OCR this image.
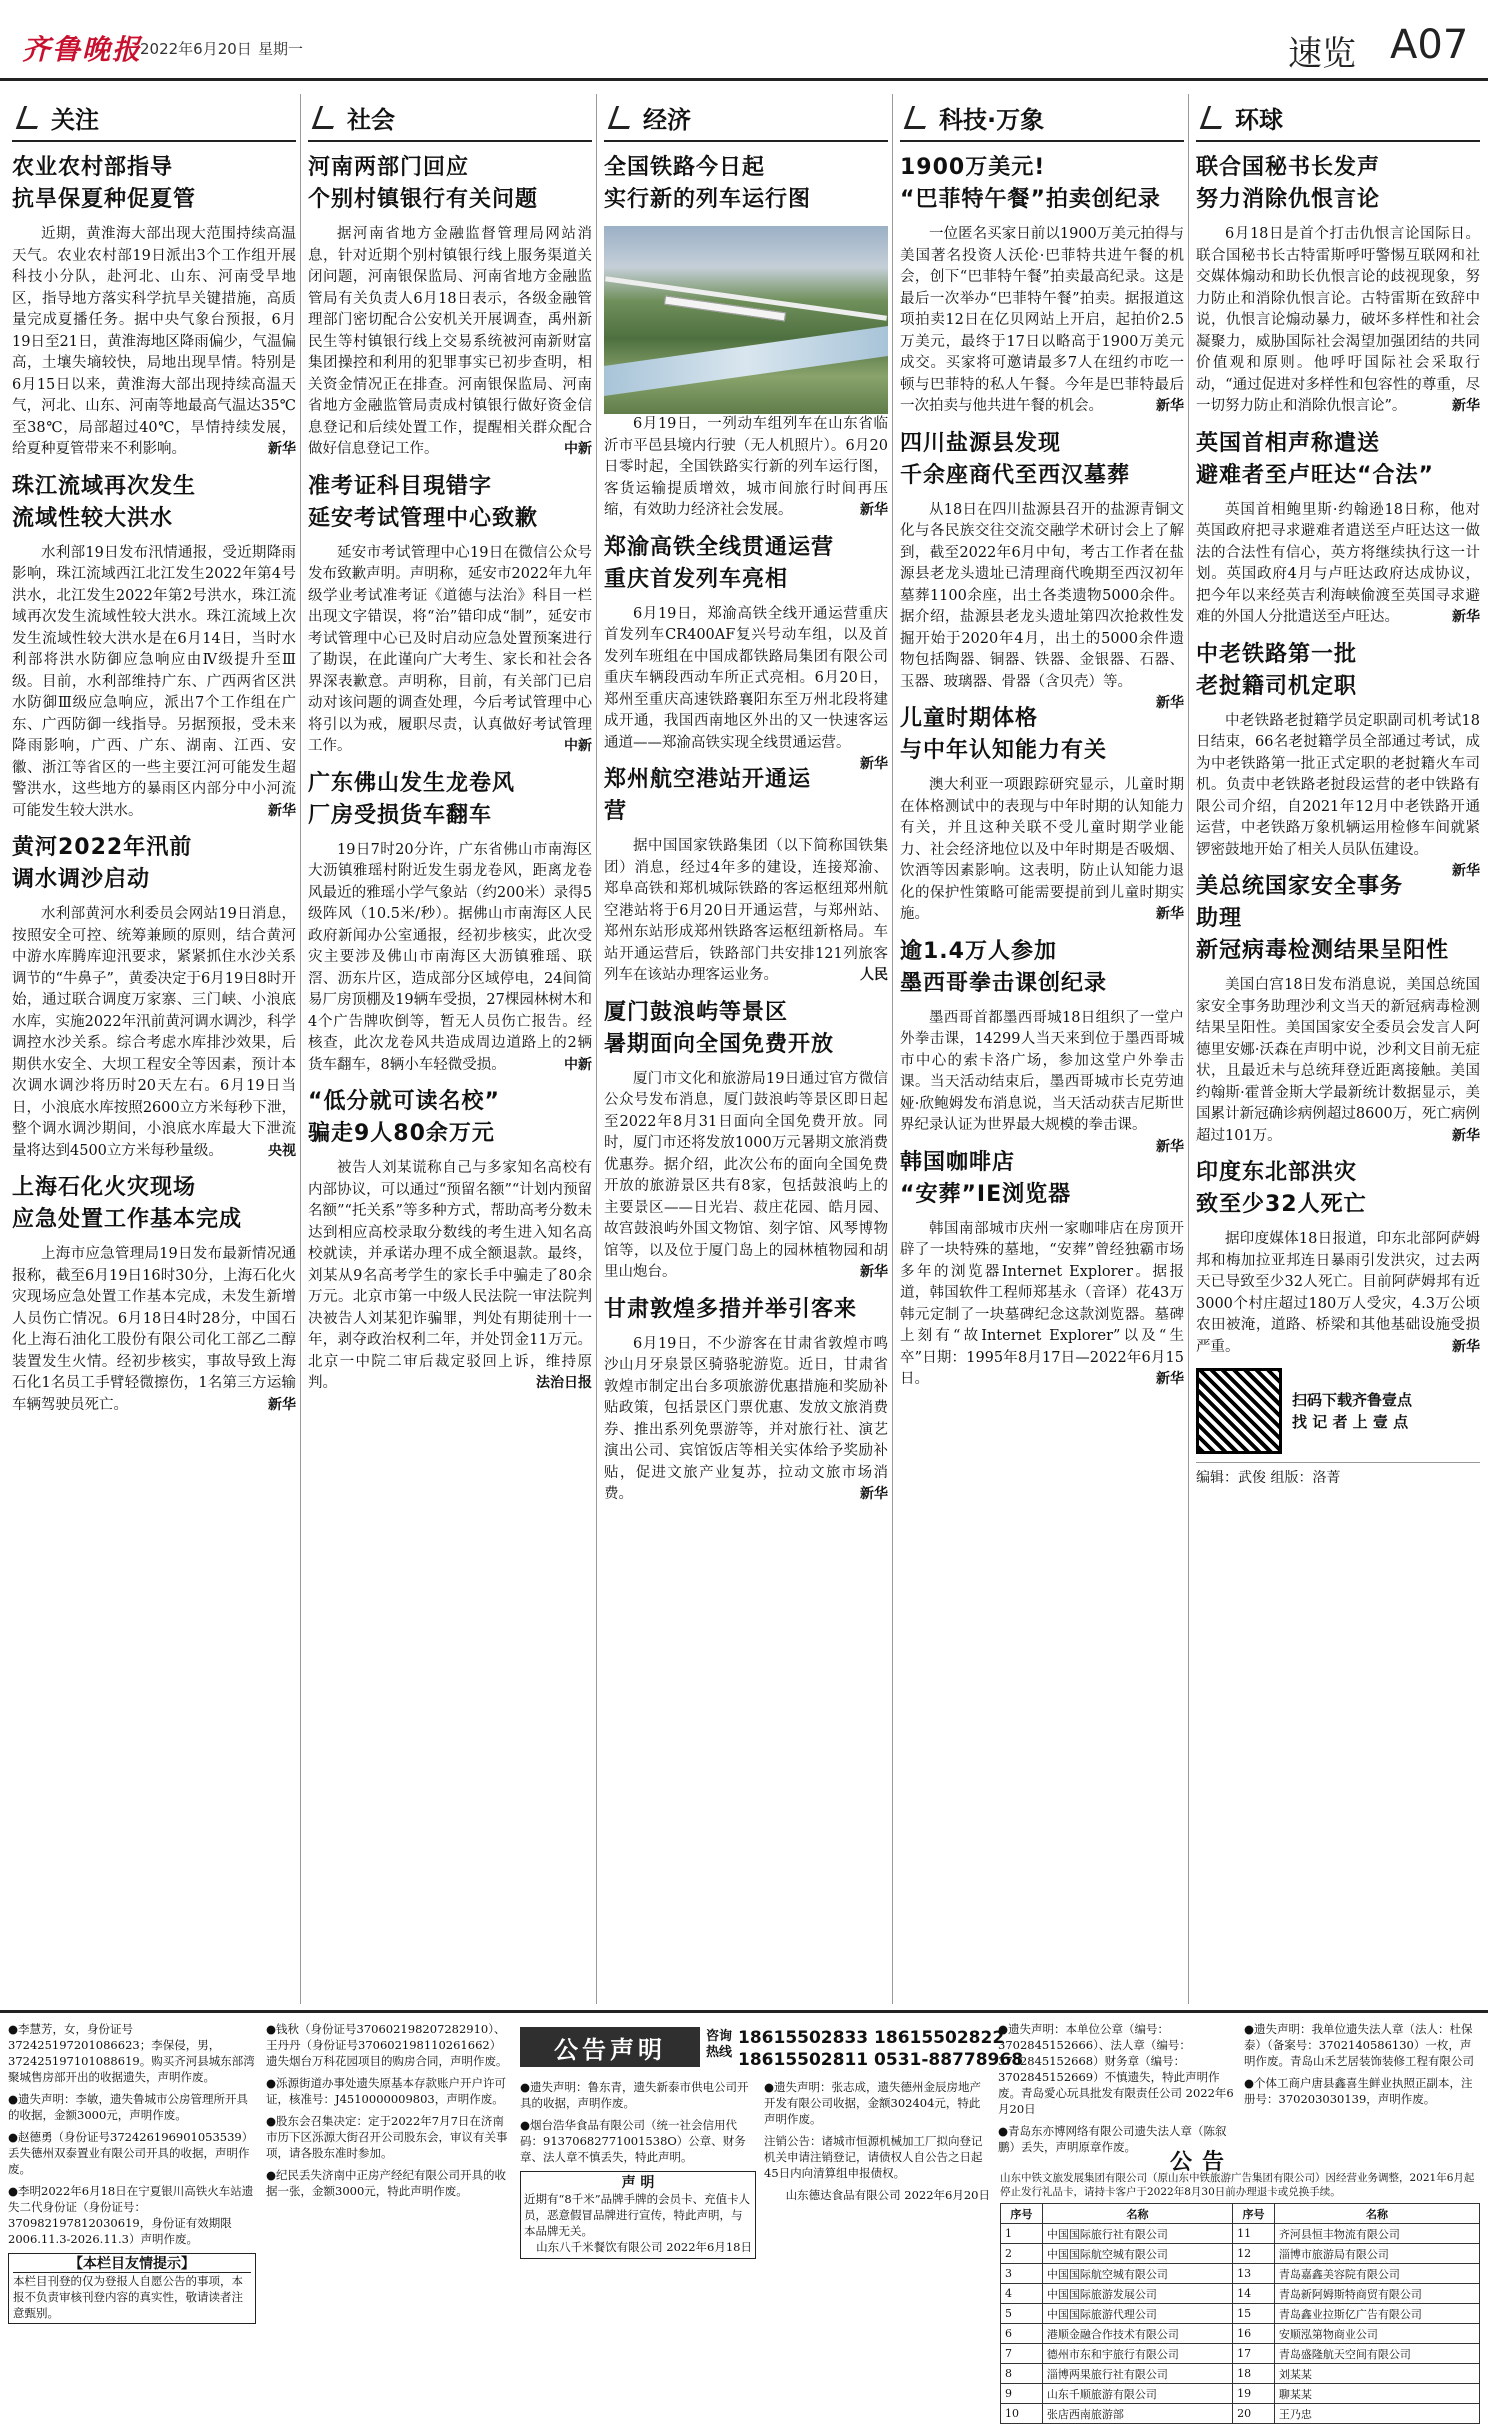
齐鲁晚报
2022年6月20日 星期一	速览 A07
关注
农业农村部指导
抗旱保夏种促夏管

近期，黄淮海大部出现大范围持续高温天气。农业农村部19日派出3个工作组开展科技小分队，赴河北、山东、河南受旱地区，指导地方落实科学抗旱关键措施，高质量完成夏播任务。据中央气象台预报，6月19日至21日，黄淮海地区降雨偏少，气温偏高，土壤失墒较快，局地出现旱情。特别是6月15日以来，黄淮海大部出现持续高温天气，河北、山东、河南等地最高气温达35℃至38℃，局部超过40℃，旱情持续发展，给夏种夏管带来不利影响。	新华

珠江流域再次发生
流域性较大洪水

水利部19日发布汛情通报，受近期降雨影响，珠江流域西江北江发生2022年第4号洪水，北江发生2022年第2号洪水，珠江流域再次发生流域性较大洪水。珠江流域上次发生流域性较大洪水是在6月14日，当时水利部将洪水防御应急响应由Ⅳ级提升至Ⅲ级。目前，水利部维持广东、广西两省区洪水防御Ⅲ级应急响应，派出7个工作组在广东、广西防御一线指导。另据预报，受未来降雨影响，广西、广东、湖南、江西、安徽、浙江等省区的一些主要江河可能发生超警洪水，这些地方的暴雨区内部分中小河流可能发生较大洪水。	新华

黄河2022年汛前
调水调沙启动

水利部黄河水利委员会网站19日消息，按照安全可控、统筹兼顾的原则，结合黄河中游水库腾库迎汛要求，紧紧抓住水沙关系调节的“牛鼻子”，黄委决定于6月19日8时开始，通过联合调度万家寨、三门峡、小浪底水库，实施2022年汛前黄河调水调沙，科学调控水沙关系。综合考虑水库排沙效果，后期供水安全、大坝工程安全等因素，预计本次调水调沙将历时20天左右。6月19日当日，小浪底水库按照2600立方米每秒下泄，整个调水调沙期间，小浪底水库最大下泄流量将达到4500立方米每秒量级。	央视

上海石化火灾现场
应急处置工作基本完成

上海市应急管理局19日发布最新情况通报称，截至6月19日16时30分，上海石化火灾现场应急处置工作基本完成，未发生新增人员伤亡情况。6月18日4时28分，中国石化上海石油化工股份有限公司化工部乙二醇装置发生火情。经初步核实，事故导致上海石化1名员工手臂轻微擦伤，1名第三方运输车辆驾驶员死亡。	新华

社会
河南两部门回应
个别村镇银行有关问题

据河南省地方金融监督管理局网站消息，针对近期个别村镇银行线上服务渠道关闭问题，河南银保监局、河南省地方金融监管局有关负责人6月18日表示，各级金融管理部门密切配合公安机关开展调查，禹州新民生等村镇银行线上交易系统被河南新财富集团操控和利用的犯罪事实已初步查明，相关资金情况正在排查。河南银保监局、河南省地方金融监管局责成村镇银行做好资金信息登记和后续处置工作，提醒相关群众配合做好信息登记工作。	中新

准考证科目現错字
延安考试管理中心致歉

延安市考试管理中心19日在微信公众号发布致歉声明。声明称，延安市2022年九年级学业考试准考证《道德与法治》科目一栏出现文字错误，将“治”错印成“制”，延安市考试管理中心已及时启动应急处置预案进行了勘误，在此谨向广大考生、家长和社会各界深表歉意。声明称，目前，有关部门已启动对该问题的调查处理，今后考试管理中心将引以为戒，履职尽责，认真做好考试管理工作。	中新

广东佛山发生龙卷风
厂房受损货车翻车

19日7时20分许，广东省佛山市南海区大沥镇雅瑶村附近发生弱龙卷风，距离龙卷风最近的雅瑶小学气象站（约200米）录得5级阵风（10.5米/秒）。据佛山市南海区人民政府新闻办公室通报，经初步核实，此次受灾主要涉及佛山市南海区大沥镇雅瑶、联滘、沥东片区，造成部分区域停电，24间简易厂房顶棚及19辆车受损，27棵园林树木和4个广告牌吹倒等，暂无人员伤亡报告。经核查，此次龙卷风共造成周边道路上的2辆货车翻车，8辆小车轻微受损。	中新

“低分就可读名校”
骗走9人80余万元

被告人刘某谎称自己与多家知名高校有内部协议，可以通过“预留名额”“计划内预留名额”“托关系”等多种方式，帮助高考分数未达到相应高校录取分数线的考生进入知名高校就读，并承诺办理不成全额退款。最终，刘某从9名高考学生的家长手中骗走了80余万元。北京市第一中级人民法院一审法院判决被告人刘某犯诈骗罪，判处有期徒刑十一年，剥夺政治权利二年，并处罚金11万元。北京一中院二审后裁定驳回上诉，维持原判。	法治日报

经济
全国铁路今日起
实行新的列车运行图

6月19日，一列动车组列车在山东省临沂市平邑县境内行驶（无人机照片）。6月20日零时起，全国铁路实行新的列车运行图，客货运输提质增效，城市间旅行时间再压缩，有效助力经济社会发展。	新华

郑渝高铁全线贯通运营
重庆首发列车亮相

6月19日，郑渝高铁全线开通运营重庆首发列车CR400AF复兴号动车组，以及首发列车班组在中国成都铁路局集团有限公司重庆车辆段西动车所正式亮相。6月20日，郑州至重庆高速铁路襄阳东至万州北段将建成开通，我国西南地区外出的又一快速客运通道——郑渝高铁实现全线贯通运营。
新华

郑州航空港站开通运营

据中国国家铁路集团（以下简称国铁集团）消息，经过4年多的建设，连接郑渝、郑阜高铁和郑机城际铁路的客运枢纽郑州航空港站将于6月20日开通运营，与郑州站、郑州东站形成郑州铁路客运枢纽新格局。车站开通运营后，铁路部门共安排121列旅客列车在该站办理客运业务。	人民

厦门鼓浪屿等景区
暑期面向全国免费开放

厦门市文化和旅游局19日通过官方微信公众号发布消息，厦门鼓浪屿等景区即日起至2022年8月31日面向全国免费开放。同时，厦门市还将发放1000万元暑期文旅消费优惠券。据介绍，此次公布的面向全国免费开放的旅游景区共有8家，包括鼓浪屿上的主要景区——日光岩、菽庄花园、皓月园、故宫鼓浪屿外国文物馆、刻字馆、风琴博物馆等，以及位于厦门岛上的园林植物园和胡里山炮台。	新华

甘肃敦煌多措并举引客来

6月19日，不少游客在甘肃省敦煌市鸣沙山月牙泉景区骑骆驼游览。近日，甘肃省敦煌市制定出台多项旅游优惠措施和奖励补贴政策，包括景区门票优惠、发放文旅消费券、推出系列免票游等，并对旅行社、演艺演出公司、宾馆饭店等相关实体给予奖励补贴，促进文旅产业复苏，拉动文旅市场消费。	新华

科技·万象
1900万美元!
“巴菲特午餐”拍卖创纪录

一位匿名买家日前以1900万美元拍得与美国著名投资人沃伦·巴菲特共进午餐的机会，创下“巴菲特午餐”拍卖最高纪录。这是最后一次举办“巴菲特午餐”拍卖。据报道这项拍卖12日在亿贝网站上开启，起拍价2.5万美元，最终于17日以略高于1900万美元成交。买家将可邀请最多7人在纽约市吃一顿与巴菲特的私人午餐。今年是巴菲特最后一次拍卖与他共进午餐的机会。	新华

四川盐源县发现
千余座商代至西汉墓葬

从18日在四川盐源县召开的盐源青铜文化与各民族交往交流交融学术研讨会上了解到，截至2022年6月中旬，考古工作者在盐源县老龙头遗址已清理商代晚期至西汉初年墓葬1100余座，出土各类遗物5000余件。据介绍，盐源县老龙头遗址第四次抢救性发掘开始于2020年4月，出土的5000余件遗物包括陶器、铜器、铁器、金银器、石器、玉器、玻璃器、骨器（含贝壳）等。
新华

儿童时期体格
与中年认知能力有关

澳大利亚一项跟踪研究显示，儿童时期在体格测试中的表现与中年时期的认知能力有关，并且这种关联不受儿童时期学业能力、社会经济地位以及中年时期是否吸烟、饮酒等因素影响。这表明，防止认知能力退化的保护性策略可能需要提前到儿童时期实施。	新华

逾1.4万人参加
墨西哥拳击课创纪录

墨西哥首都墨西哥城18日组织了一堂户外拳击课，14299人当天来到位于墨西哥城市中心的索卡洛广场，参加这堂户外拳击课。当天活动结束后，墨西哥城市长克劳迪娅·欣鲍姆发布消息说，当天活动获吉尼斯世界纪录认证为世界最大规模的拳击课。
新华

韩国咖啡店
“安葬”IE浏览器

韩国南部城市庆州一家咖啡店在房顶开辟了一块特殊的墓地，“安葬”曾经独霸市场多年的浏览器Internet Explorer。据报道，韩国软件工程师郑基永（音译）花43万韩元定制了一块墓碑纪念这款浏览器。墓碑上刻有“故Internet Explorer”以及“生卒”日期：1995年8月17日—2022年6月15日。	新华

环球
联合国秘书长发声
努力消除仇恨言论

6月18日是首个打击仇恨言论国际日。联合国秘书长古特雷斯呼吁警惕互联网和社交媒体煽动和助长仇恨言论的歧视现象，努力防止和消除仇恨言论。古特雷斯在致辞中说，仇恨言论煽动暴力，破坏多样性和社会凝聚力，威胁国际社会渴望加强团结的共同价值观和原则。他呼吁国际社会采取行动，“通过促进对多样性和包容性的尊重，尽一切努力防止和消除仇恨言论”。	新华

英国首相声称遣送
避难者至卢旺达“合法”

英国首相鲍里斯·约翰逊18日称，他对英国政府把寻求避难者遣送至卢旺达这一做法的合法性有信心，英方将继续执行这一计划。英国政府4月与卢旺达政府达成协议，把今年以来经英吉利海峡偷渡至英国寻求避难的外国人分批遣送至卢旺达。	新华

中老铁路第一批
老挝籍司机定职

中老铁路老挝籍学员定职副司机考试18日结束，66名老挝籍学员全部通过考试，成为中老铁路第一批正式定职的老挝籍火车司机。负责中老铁路老挝段运营的老中铁路有限公司介绍，自2021年12月中老铁路开通运营，中老铁路万象机辆运用检修车间就紧锣密鼓地开始了相关人员队伍建设。
新华

美总统国家安全事务助理
新冠病毒检测结果呈阳性

美国白宫18日发布消息说，美国总统国家安全事务助理沙利文当天的新冠病毒检测结果呈阳性。美国国家安全委员会发言人阿德里安娜·沃森在声明中说，沙利文目前无症状，且最近未与总统拜登近距离接触。美国约翰斯·霍普金斯大学最新统计数据显示，美国累计新冠确诊病例超过8600万，死亡病例超过101万。	新华

印度东北部洪灾
致至少32人死亡

据印度媒体18日报道，印东北部阿萨姆邦和梅加拉亚邦连日暴雨引发洪灾，过去两天已导致至少32人死亡。目前阿萨姆邦有近3000个村庄超过180万人受灾，4.3万公顷农田被淹，道路、桥梁和其他基础设施受损严重。	新华

扫码下载齐鲁壹点
找 记 者 上 壹 点
编辑：武俊 组版：洛菁

●李慧芳，女，身份证号372425197201086623；李保侵，男，372425197101088619。购买齐河县城东部湾聚城售房部开出的收据遗失，声明作废。

●遗失声明：李敏，遗失鲁城市公房管理所开具的收据，金额3000元，声明作废。

●赵德勇（身份证号372426196901053539）丢失德州双泰置业有限公司开具的收据，声明作废。

●李明2022年6月18日在宁夏银川高铁火车站遗失二代身份证（身份证号：370982197812030619，身份证有效期限2006.11.3-2026.11.3）声明作废。

【本栏目友情提示】
本栏目刊登的仅为登报人自愿公告的事项，本报不负责审核刊登内容的真实性，敬请读者注意甄别。

●钱秋（身份证号370602198207282910）、王丹丹（身份证号370602198110261662）遗失烟台万科花园项目的购房合同，声明作废。

●泺源街道办事处遗失原基本存款账户开户许可证，核准号：J4510000009803，声明作废。

●股东会召集决定：定于2022年7月7日在济南市历下区泺源大街召开公司股东会，审议有关事项，请各股东准时参加。

●纪民丢失济南中正房产经纪有限公司开具的收据一张，金额3000元，特此声明作废。

公告声明	咨询热线
18615502833 18615502822
18615502811 0531-88778968

●遗失声明：鲁东青，遗失新泰市供电公司开具的收据，声明作废。

●烟台浩华食品有限公司（统一社会信用代码：91370682771001538O）公章、财务章、法人章不慎丢失，特此声明。

声 明
近期有“8千米”品牌手牌的会员卡、充值卡人员，恶意假冒品牌进行宣传，特此声明，与本品牌无关。
山东八千米餐饮有限公司 2022年6月18日

●遗失声明：张志成，遗失德州金辰房地产开发有限公司收据，金额302404元，特此声明作废。

注销公告：诸城市恒源机械加工厂拟向登记机关申请注销登记，请债权人自公告之日起45日内向清算组申报债权。

山东德达食品有限公司 2022年6月20日

●遗失声明：本单位公章（编号：3702845152666）、法人章（编号：3702845152668）财务章（编号：3702845152669）不慎遗失，特此声明作废。青岛愛心玩具批发有限责任公司 2022年6月20日

●青岛东亦博网络有限公司遗失法人章（陈叙鹏）丢失，声明原章作废。

●遗失声明：我单位遗失法人章（法人：杜保泰）（备案号：3702140586130）一枚，声明作废。青岛山禾艺居装饰装修工程有限公司

●个体工商户唐县鑫喜生鲜业执照正副本，注册号：370203030139，声明作废。

公告
山东中铁文旅发展集团有限公司（原山东中铁旅游广告集团有限公司）因经营业务调整，2021年6月起停止发行礼品卡，请持卡客户于2022年8月30日前办理退卡或兑换手续。
序号	名称	序号	名称
1	中国国际旅行社有限公司	11	齐河县恒丰物流有限公司
2	中国国际航空城有限公司	12	淄博市旅游局有限公司
3	中国国际航空城有限公司	13	青岛嘉鑫美容院有限公司
4	中国国际旅游发展公司	14	青岛新阿姆斯特商贸有限公司
5	中国国际旅游代理公司	15	青岛鑫业拉斯亿广告有限公司
6	港顺金融合作技术有限公司	16	安顺泓第物商业公司
7	德州市东和宇旅行有限公司	17	青岛盛隆航天空间有限公司
8	淄博两果旅行社有限公司	18	刘某某
9	山东千顺旅游有限公司	19	聊某某
10	张店西南旅游部	20	王乃忠
